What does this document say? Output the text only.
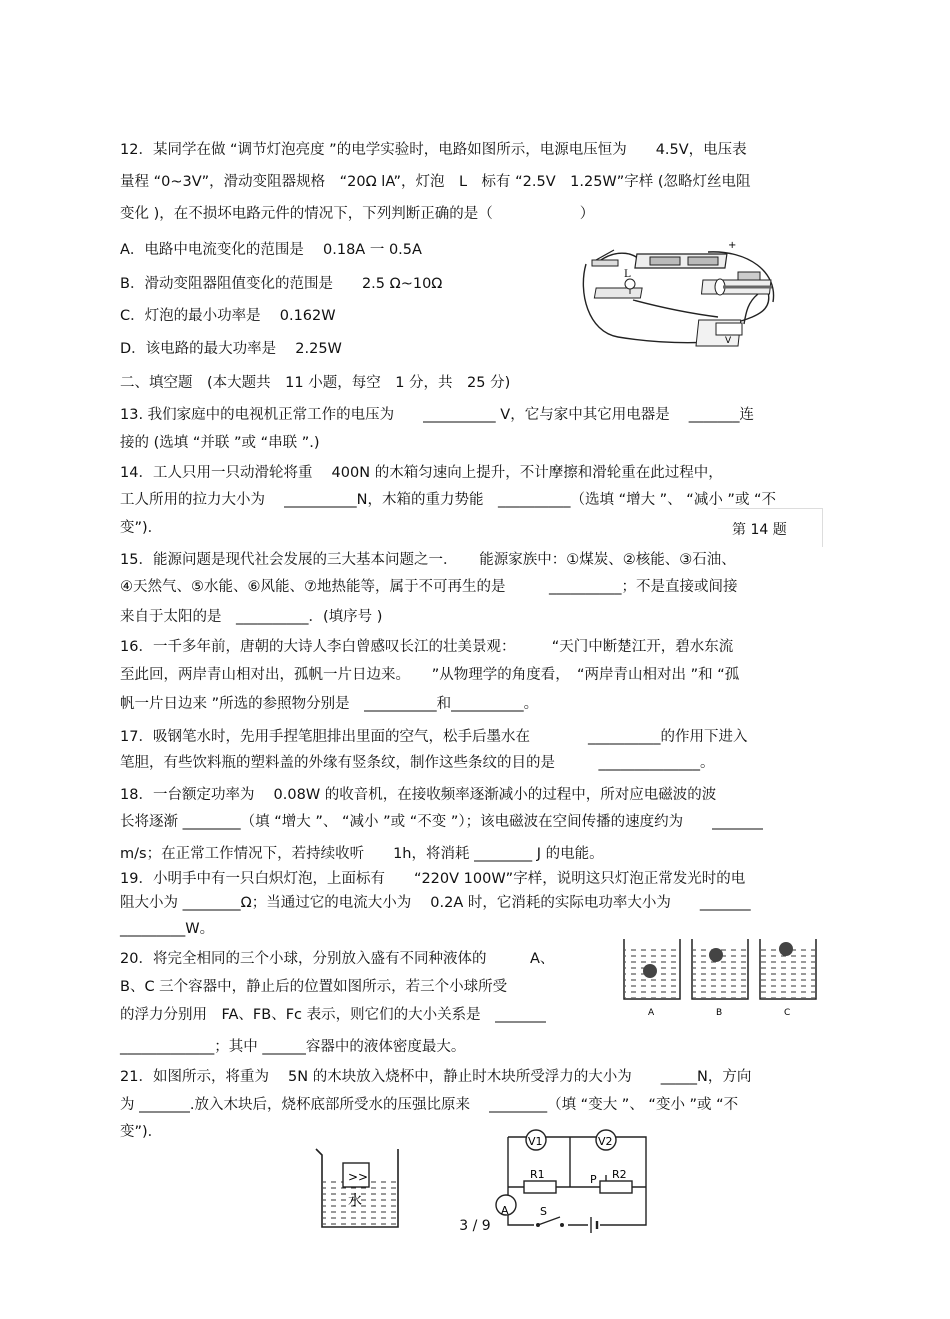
12．某同学在做 “调节灯泡亮度 ”的电学实验时，电路如图所示，电源电压恒为　　4.5V，电压表
量程 “0~3V”，滑动变阻器规格　“20Ω lA”，灯泡　L　标有 “2.5V　1.25W”字样 (忽略灯丝电阻
变化 )，在不损坏电路元件的情况下，下列判断正确的是（　　　　　　）
A．电路中电流变化的范围是　 0.18A 一 0.5A
B．滑动变阻器阻值变化的范围是　　2.5 Ω~10Ω
C．灯泡的最小功率是　 0.162W
D．该电路的最大功率是　 2.25W
二、填空题　(本大题共　11 小题，每空　1 分，共　25 分)
13. 我们家庭中的电视机正常工作的电压为　　__________ V，它与家中其它用电器是　 _______连
接的 (选填 “并联 ”或 “串联 ”.)
14．工人只用一只动滑轮将重　 400N 的木箱匀速向上提升，不计摩擦和滑轮重在此过程中，
工人所用的拉力大小为　 __________N，木箱的重力势能　__________（选填 “增大 ”、 “减小 ”或 “不
变”)．
15．能源问题是现代社会发展的三大基本问题之一．　　能源家族中：①煤炭、②核能、③石油、
④天然气、⑤水能、⑥风能、⑦地热能等，属于不可再生的是　　　__________；不是直接或间接
来自于太阳的是　__________．(填序号 )
16．一千多年前，唐朝的大诗人李白曾感叹长江的壮美景观：　　　“天门中断楚江开，碧水东流
至此回，两岸青山相对出，孤帆一片日边来。　　”从物理学的角度看，　“两岸青山相对出 ”和 “孤
帆一片日边来 ”所选的参照物分别是　__________和__________。
17．吸钢笔水时，先用手捏笔胆排出里面的空气，松手后墨水在　　　　__________的作用下进入
笔胆，有些饮料瓶的塑料盖的外缘有竖条纹，制作这些条纹的目的是　　　______________。
18．一台额定功率为　 0.08W 的收音机，在接收频率逐渐减小的过程中，所对应电磁波的波
长将逐渐 ________（填 “增大 ”、 “减小 ”或 “不变 ”）；该电磁波在空间传播的速度约为　　_______
m/s；在正常工作情况下，若持续收听　　1h，将消耗 ________ J 的电能。
19．小明手中有一只白炽灯泡，上面标有　　“220V 100W”字样，说明这只灯泡正常发光时的电
阻大小为 ________Ω；当通过它的电流大小为　 0.2A 时，它消耗的实际电功率大小为　　_______
_________W。
20．将完全相同的三个小球，分别放入盛有不同种液体的　　　A、
B、C 三个容器中，静止后的位置如图所示，若三个小球所受
的浮力分别用　FA、FB、Fc 表示，则它们的大小关系是　_______
_____________；其中 ______容器中的液体密度最大。
21．如图所示，将重为　 5N 的木块放入烧杯中，静止时木块所受浮力的大小为　　_____N，方向
为 _______.放入木块后，烧杯底部所受水的压强比原来　 ________（填 “变大 ”、 “变小 ”或 “不
变”)．
第 14 题
+
L
V
A	B	C
>>
水
V1	V2
R1	P R2
A	S
3 / 9
